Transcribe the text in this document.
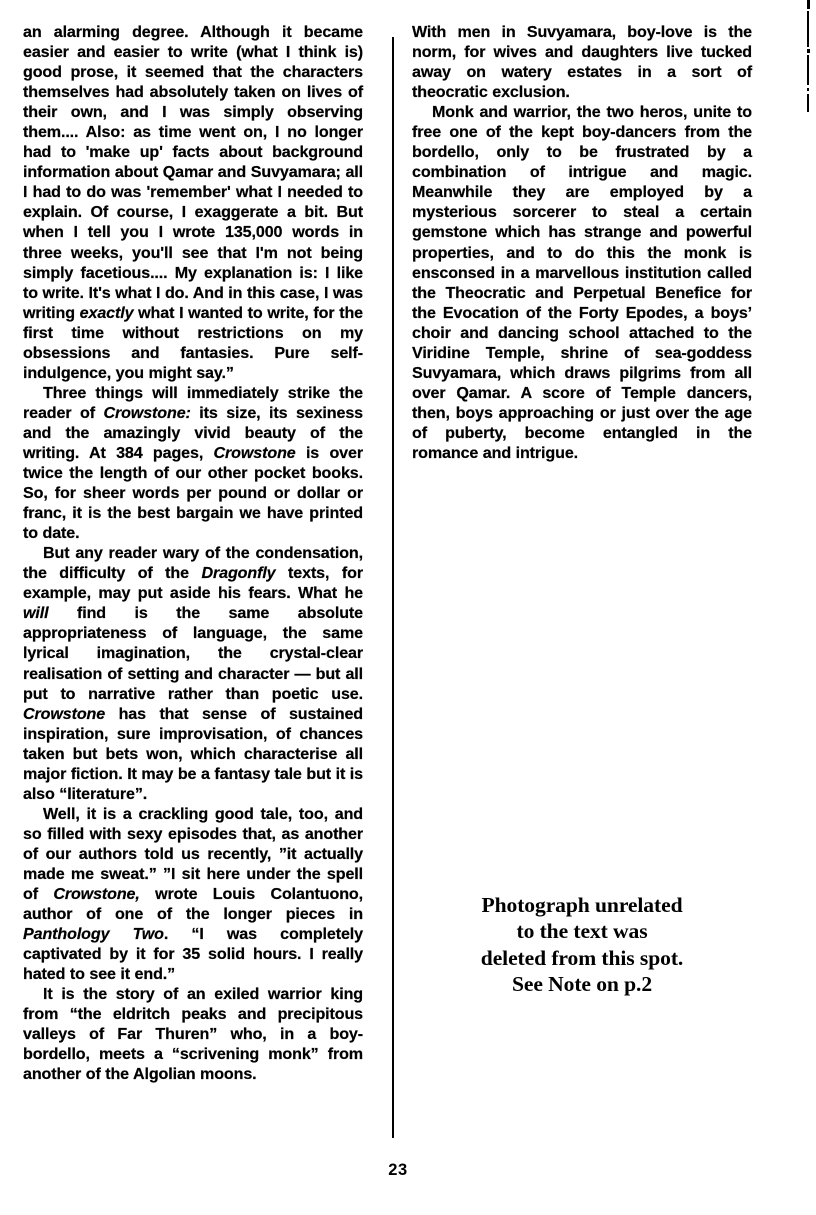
an alarming degree. Although it became easier and easier to write (what I think is) good prose, it seemed that the characters themselves had absolutely taken on lives of their own, and I was simply observing them.... Also: as time went on, I no longer had to 'make up' facts about background information about Qamar and Suvyamara; all I had to do was 'remember' what I needed to explain. Of course, I exaggerate a bit. But when I tell you I wrote 135,000 words in three weeks, you'll see that I'm not being simply facetious.... My explanation is: I like to write. It's what I do. And in this case, I was writing exactly what I wanted to write, for the first time without restrictions on my obsessions and fantasies. Pure self-indulgence, you might say.”

Three things will immediately strike the reader of Crowstone: its size, its sexiness and the amazingly vivid beauty of the writing. At 384 pages, Crowstone is over twice the length of our other pocket books. So, for sheer words per pound or dollar or franc, it is the best bargain we have printed to date.

But any reader wary of the condensation, the difficulty of the Dragonfly texts, for example, may put aside his fears. What he will find is the same absolute appropriateness of language, the same lyrical imagination, the crystal-clear realisation of setting and character — but all put to narrative rather than poetic use. Crowstone has that sense of sustained inspiration, sure improvisation, of chances taken but bets won, which characterise all major fiction. It may be a fantasy tale but it is also “literature”.

Well, it is a crackling good tale, too, and so filled with sexy episodes that, as another of our authors told us recently, ”it actually made me sweat.” ”I sit here under the spell of Crowstone, wrote Louis Colantuono, author of one of the longer pieces in Panthology Two. “I was completely captivated by it for 35 solid hours. I really hated to see it end.”

It is the story of an exiled warrior king from “the eldritch peaks and precipitous valleys of Far Thuren” who, in a boy-bordello, meets a “scrivening monk” from another of the Algolian moons.

With men in Suvyamara, boy-love is the norm, for wives and daughters live tucked away on watery estates in a sort of theocratic exclusion.

Monk and warrior, the two heros, unite to free one of the kept boy-dancers from the bordello, only to be frustrated by a combination of intrigue and magic. Meanwhile they are employed by a mysterious sorcerer to steal a certain gemstone which has strange and powerful properties, and to do this the monk is ensconsed in a marvellous institution called the Theocratic and Perpetual Benefice for the Evocation of the Forty Epodes, a boys’ choir and dancing school attached to the Viridine Temple, shrine of sea-goddess Suvyamara, which draws pilgrims from all over Qamar. A score of Temple dancers, then, boys approaching or just over the age of puberty, become entangled in the romance and intrigue.

Photograph unrelated
to the text was
deleted from this spot.
See Note on p.2
23
